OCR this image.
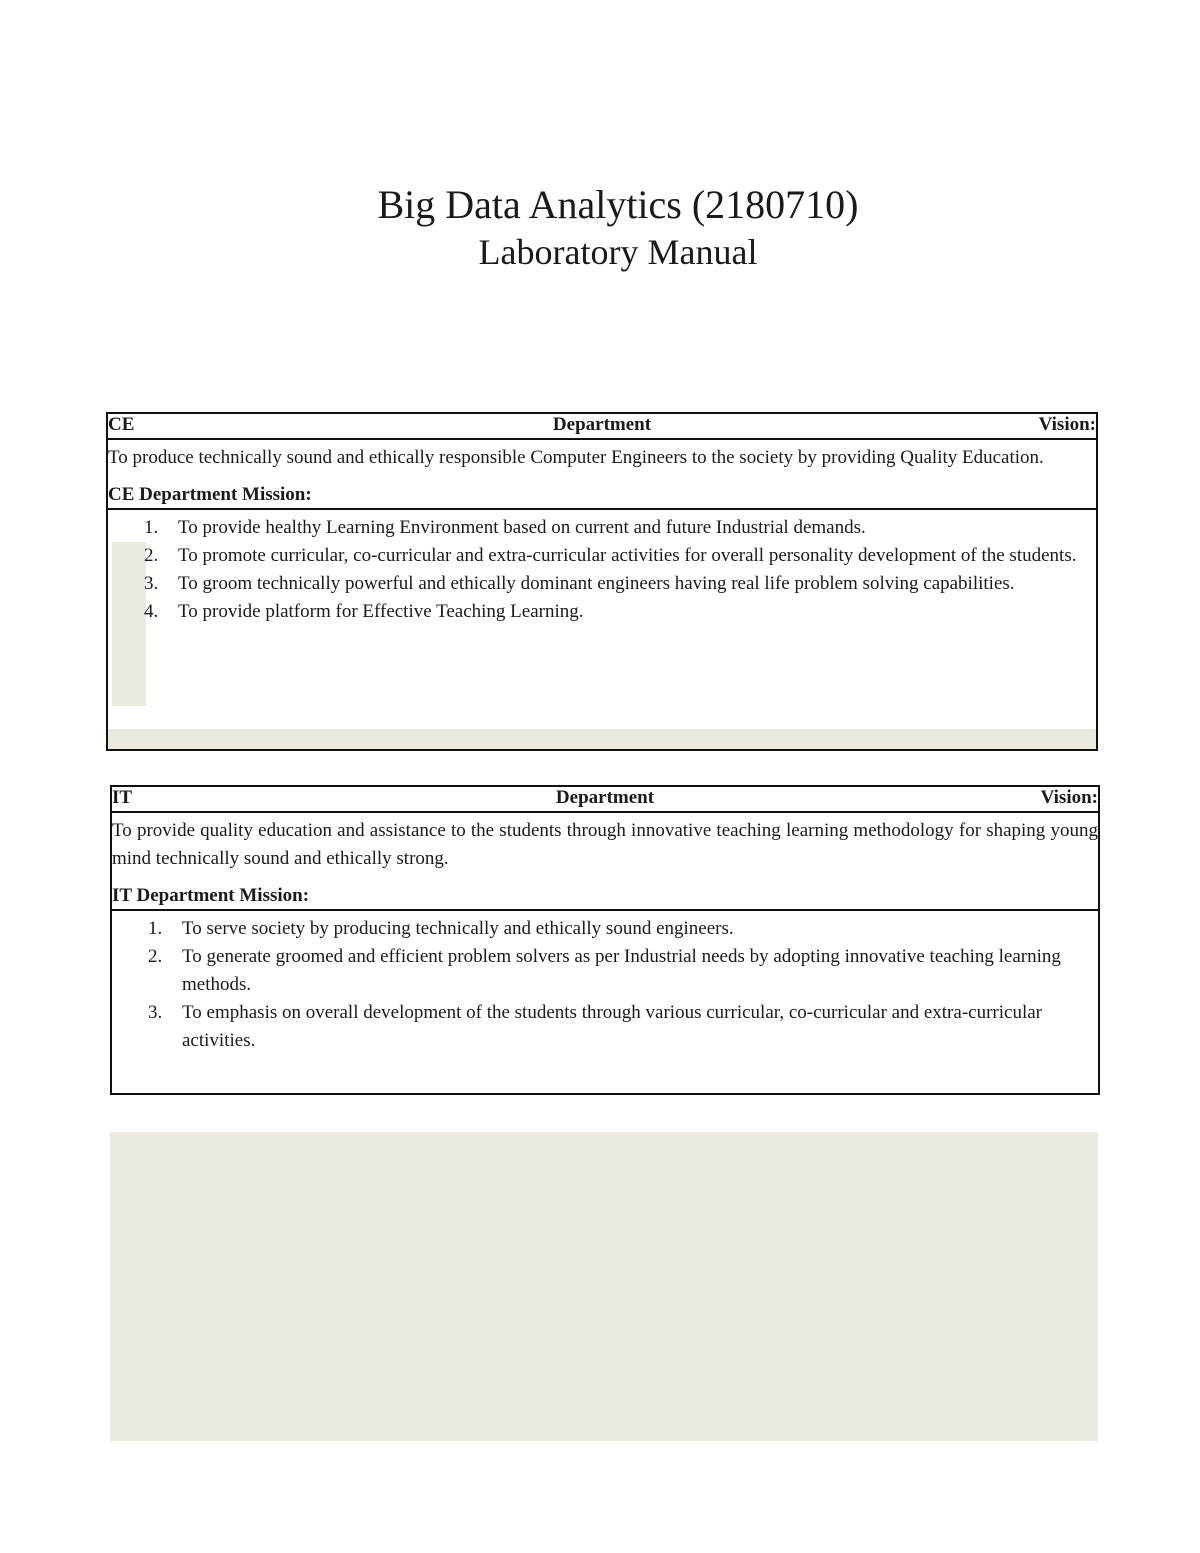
Big Data Analytics (2180710)
Laboratory Manual
Department
CE	Vision:
To produce technically sound and ethically responsible Computer Engineers to the society by providing Quality Education.
CE Department Mission:
1. To provide healthy Learning Environment based on current and future Industrial demands.
2. To promote curricular, co-curricular and extra-curricular activities for overall personality development of the students.
3. To groom technically powerful and ethically dominant engineers having real life problem solving capabilities.
4. To provide platform for Effective Teaching Learning.
Department
IT	Vision:
To provide quality education and assistance to the students through innovative teaching learning methodology for shaping young mind technically sound and ethically strong.
IT Department Mission:
1. To serve society by producing technically and ethically sound engineers.
2. To generate groomed and efficient problem solvers as per Industrial needs by adopting innovative teaching learning methods.
3. To emphasis on overall development of the students through various curricular, co-curricular and extra-curricular activities.
